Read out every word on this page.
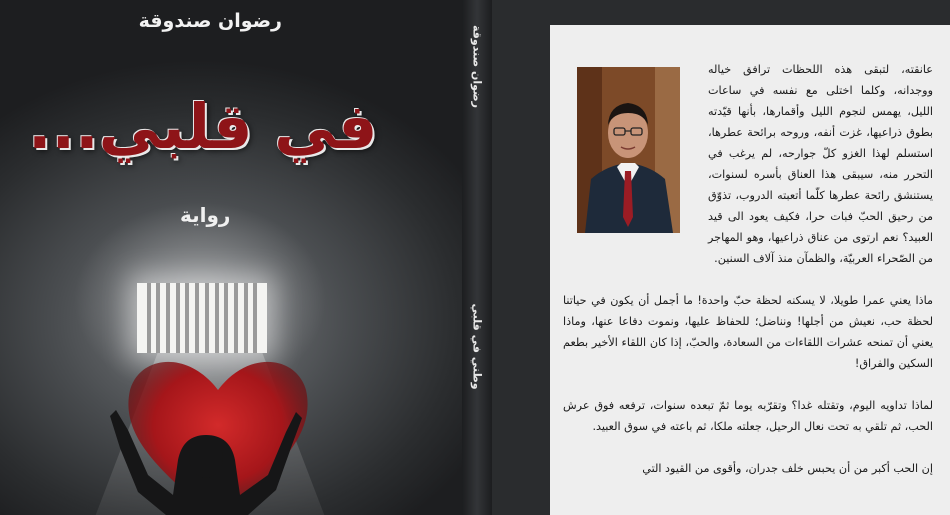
رضوان صندوقة
في قلبي...
رواية
رضوان صندوقة
وطني في قلبي

عانقته، لتبقى هذه اللحظات ترافق خياله ووجدانه، وكلما اختلى مع نفسه في ساعات الليل، يهمس لنجوم الليل وأقمارها، بأنها قيّدته بطوق ذراعيها، غزت أنفه، وروحه برائحة عطرها، استسلم لهذا الغزو كلّ جوارحه، لم يرغب في التحرر منه، سيبقى هذا العناق بأسره لسنوات، يستنشق رائحة عطرها كلّما أتعبته الدروب، تذوّق من رحيق الحبّ فبات حرا، فكيف يعود الى قيد العبيد؟ نعم ارتوى من عناق ذراعيها، وهو المهاجر من الصّحراء العربيّة، والظمآن منذ آلاف السنين.

ماذا يعني عمرا طويلا، لا يسكنه لحظة حبّ واحدة! ما أجمل أن يكون في حياتنا لحظة حب، نعيش من أجلها! ونناضل؛ للحفاظ عليها، ونموت دفاعا عنها، وماذا يعني أن تمنحه عشرات اللقاءات من السعادة، والحبّ، إذا كان اللقاء الأخير بطعم السكين والفراق!

لماذا تداويه اليوم، وتقتله غدا؟ وتقرّبه يوما ثمّ تبعده سنوات، ترفعه فوق عرش الحب، ثم تلقي به تحت نعال الرحيل، جعلته ملكا، ثم باعته في سوق العبيد.

إن الحب أكبر من أن يحبس خلف جدران، وأقوى من القيود التي
